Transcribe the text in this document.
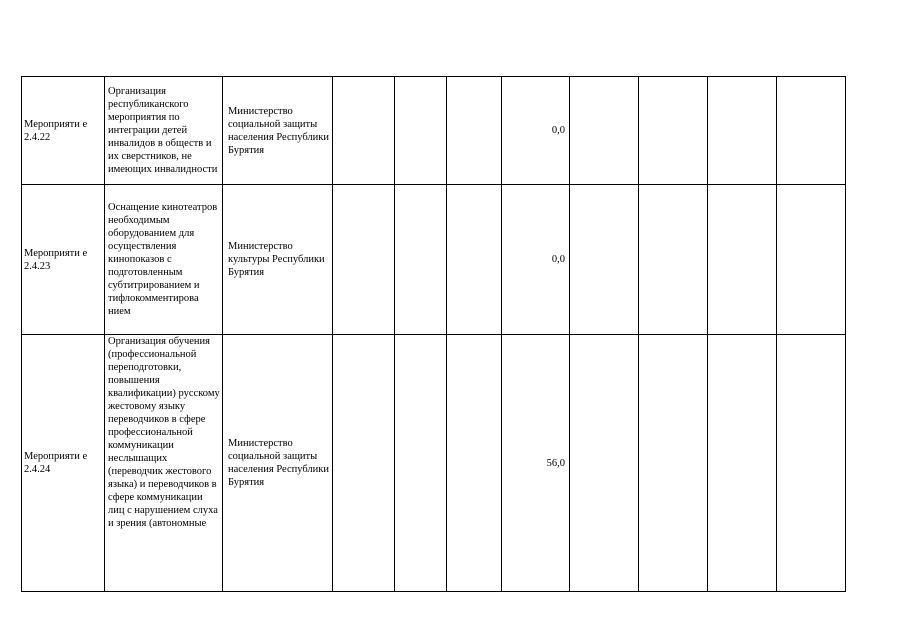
Мероприяти е 2.4.22	Организация республиканского мероприятия по интеграции детей инвалидов в обществ и их сверстников, не имеющих инвалидности	Министерство социальной защиты населения Республики Бурятия				0,0				
Мероприяти е 2.4.23	Оснащение кинотеатров необходимым оборудованием для осуществления кинопоказов с подготовленным субтитрированием и тифлокомментирова нием	Министерство культуры Республики Бурятия				0,0				
Мероприяти е 2.4.24	Организация обучения (профессиональной переподготовки, повышения квалификации) русскому жестовому языку переводчиков в сфере профессиональной коммуникации неслышащих (переводчик жестового языка) и переводчиков в сфере коммуникации лиц с нарушением слуха и зрения (автономные	Министерство социальной защиты населения Республики Бурятия				56,0				
